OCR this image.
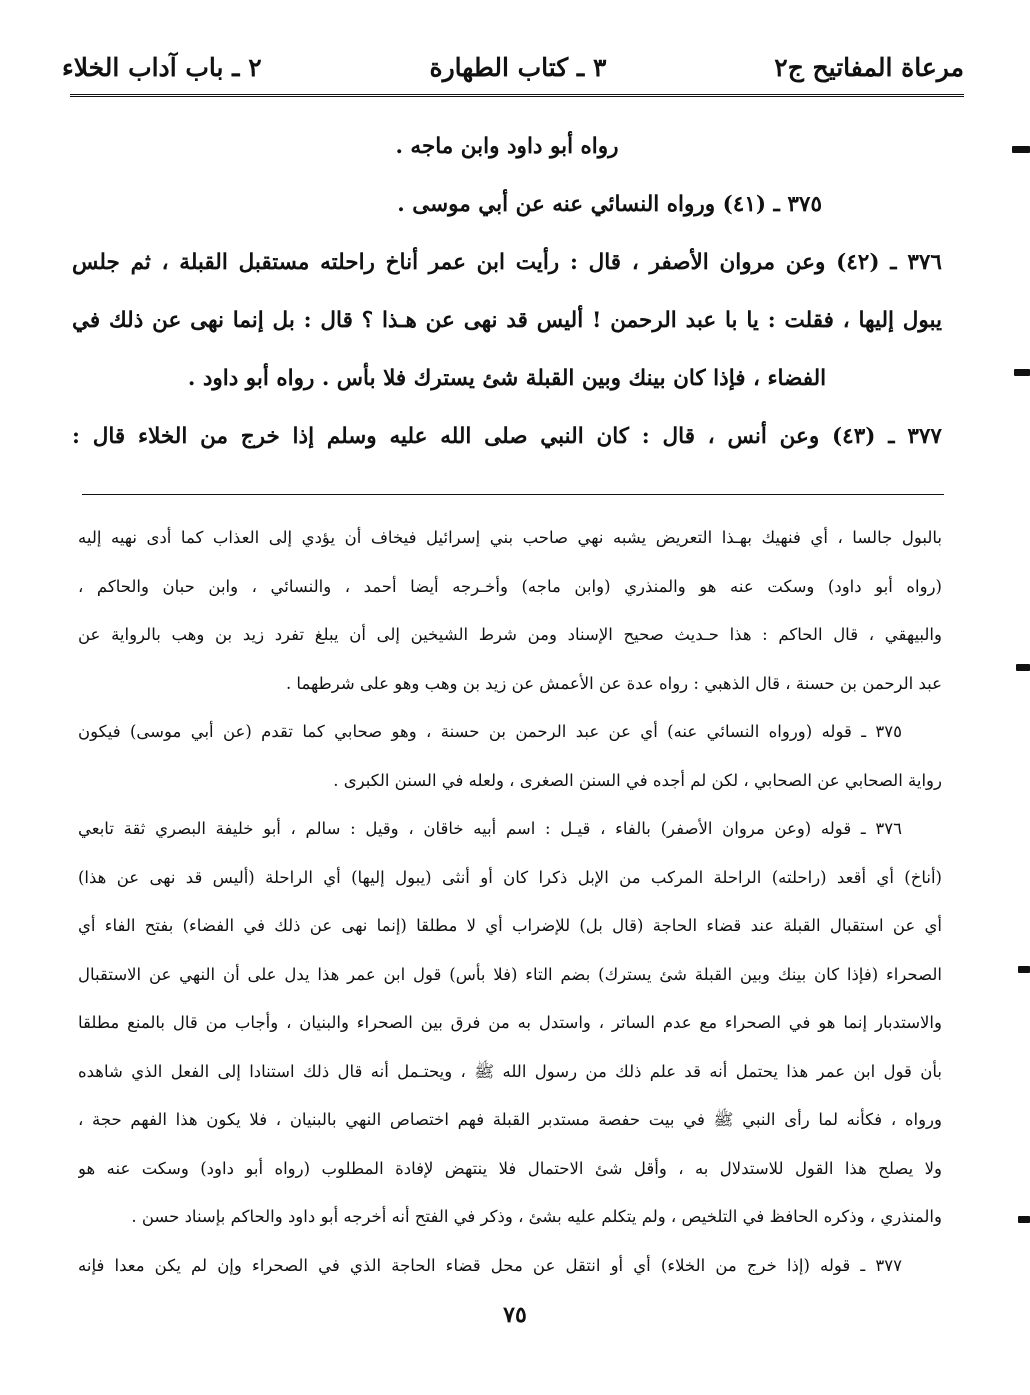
مرعاة المفاتيح ج٢
٣ ـ كتاب الطهارة
٢ ـ باب آداب الخلاء

رواه أبو داود وابن ماجه .

٣٧٥ ـ (٤١) ورواه النسائي عنه عن أبي موسى .

٣٧٦ ـ (٤٢) وعن مروان الأصفر ، قال : رأيت ابن عمر أناخ راحلته مستقبل القبلة ، ثم جلس

يبول إليها ، فقلت : يا با عبد الرحمن ! أليس قد نهى عن هـذا ؟ قال : بل إنما نهى عن ذلك في

الفضاء ، فإذا كان بينك وبين القبلة شئ يسترك فلا بأس . رواه أبو داود .

٣٧٧ ـ (٤٣) وعن أنس ، قال : كان النبي صلى الله عليه وسلم إذا خرج من الخلاء قال :

بالبول جالسا ، أي فنهيك بهـذا التعريض يشبه نهي صاحب بني إسرائيل فيخاف أن يؤدي إلى العذاب كما أدى نهيه إليه
(رواه أبو داود) وسكت عنه هو والمنذري (وابن ماجه) وأخـرجه أيضا أحمد ، والنسائي ، وابن حبان والحاكم ،
والبيهقي ، قال الحاكم : هذا حـديث صحيح الإسناد ومن شرط الشيخين إلى أن يبلغ تفرد زيد بن وهب بالرواية عن
عبد الرحمن بن حسنة ، قال الذهبي : رواه عدة عن الأعمش عن زيد بن وهب وهو على شرطهما .
٣٧٥ ـ قوله (ورواه النسائي عنه) أي عن عبد الرحمن بن حسنة ، وهو صحابي كما تقدم (عن أبي موسى) فيكون
رواية الصحابي عن الصحابي ، لكن لم أجده في السنن الصغرى ، ولعله في السنن الكبرى .
٣٧٦ ـ قوله (وعن مروان الأصفر) بالفاء ، قيـل : اسم أبيه خاقان ، وقيل : سالم ، أبو خليفة البصري ثقة تابعي
(أناخ) أي أقعد (راحلته) الراحلة المركب من الإبل ذكرا كان أو أنثى (يبول إليها) أي الراحلة (أليس قد نهى عن هذا)
أي عن استقبال القبلة عند قضاء الحاجة (قال بل) للإضراب أي لا مطلقا (إنما نهى عن ذلك في الفضاء) بفتح الفاء أي
الصحراء (فإذا كان بينك وبين القبلة شئ يسترك) بضم التاء (فلا بأس) قول ابن عمر هذا يدل على أن النهي عن الاستقبال
والاستدبار إنما هو في الصحراء مع عدم الساتر ، واستدل به من فرق بين الصحراء والبنيان ، وأجاب من قال بالمنع مطلقا
بأن قول ابن عمر هذا يحتمل أنه قد علم ذلك من رسول الله ﷺ ، ويحتـمل أنه قال ذلك استنادا إلى الفعل الذي شاهده
ورواه ، فكأنه لما رأى النبي ﷺ في بيت حفصة مستدبر القبلة فهم اختصاص النهي بالبنيان ، فلا يكون هذا الفهم حجة ،
ولا يصلح هذا القول للاستدلال به ، وأقل شئ الاحتمال فلا ينتهض لإفادة المطلوب (رواه أبو داود) وسكت عنه هو
والمنذري ، وذكره الحافظ في التلخيص ، ولم يتكلم عليه بشئ ، وذكر في الفتح أنه أخرجه أبو داود والحاكم بإسناد حسن .
٣٧٧ ـ قوله (إذا خرج من الخلاء) أي أو انتقل عن محل قضاء الحاجة الذي في الصحراء وإن لم يكن معدا فإنه
٧٥
